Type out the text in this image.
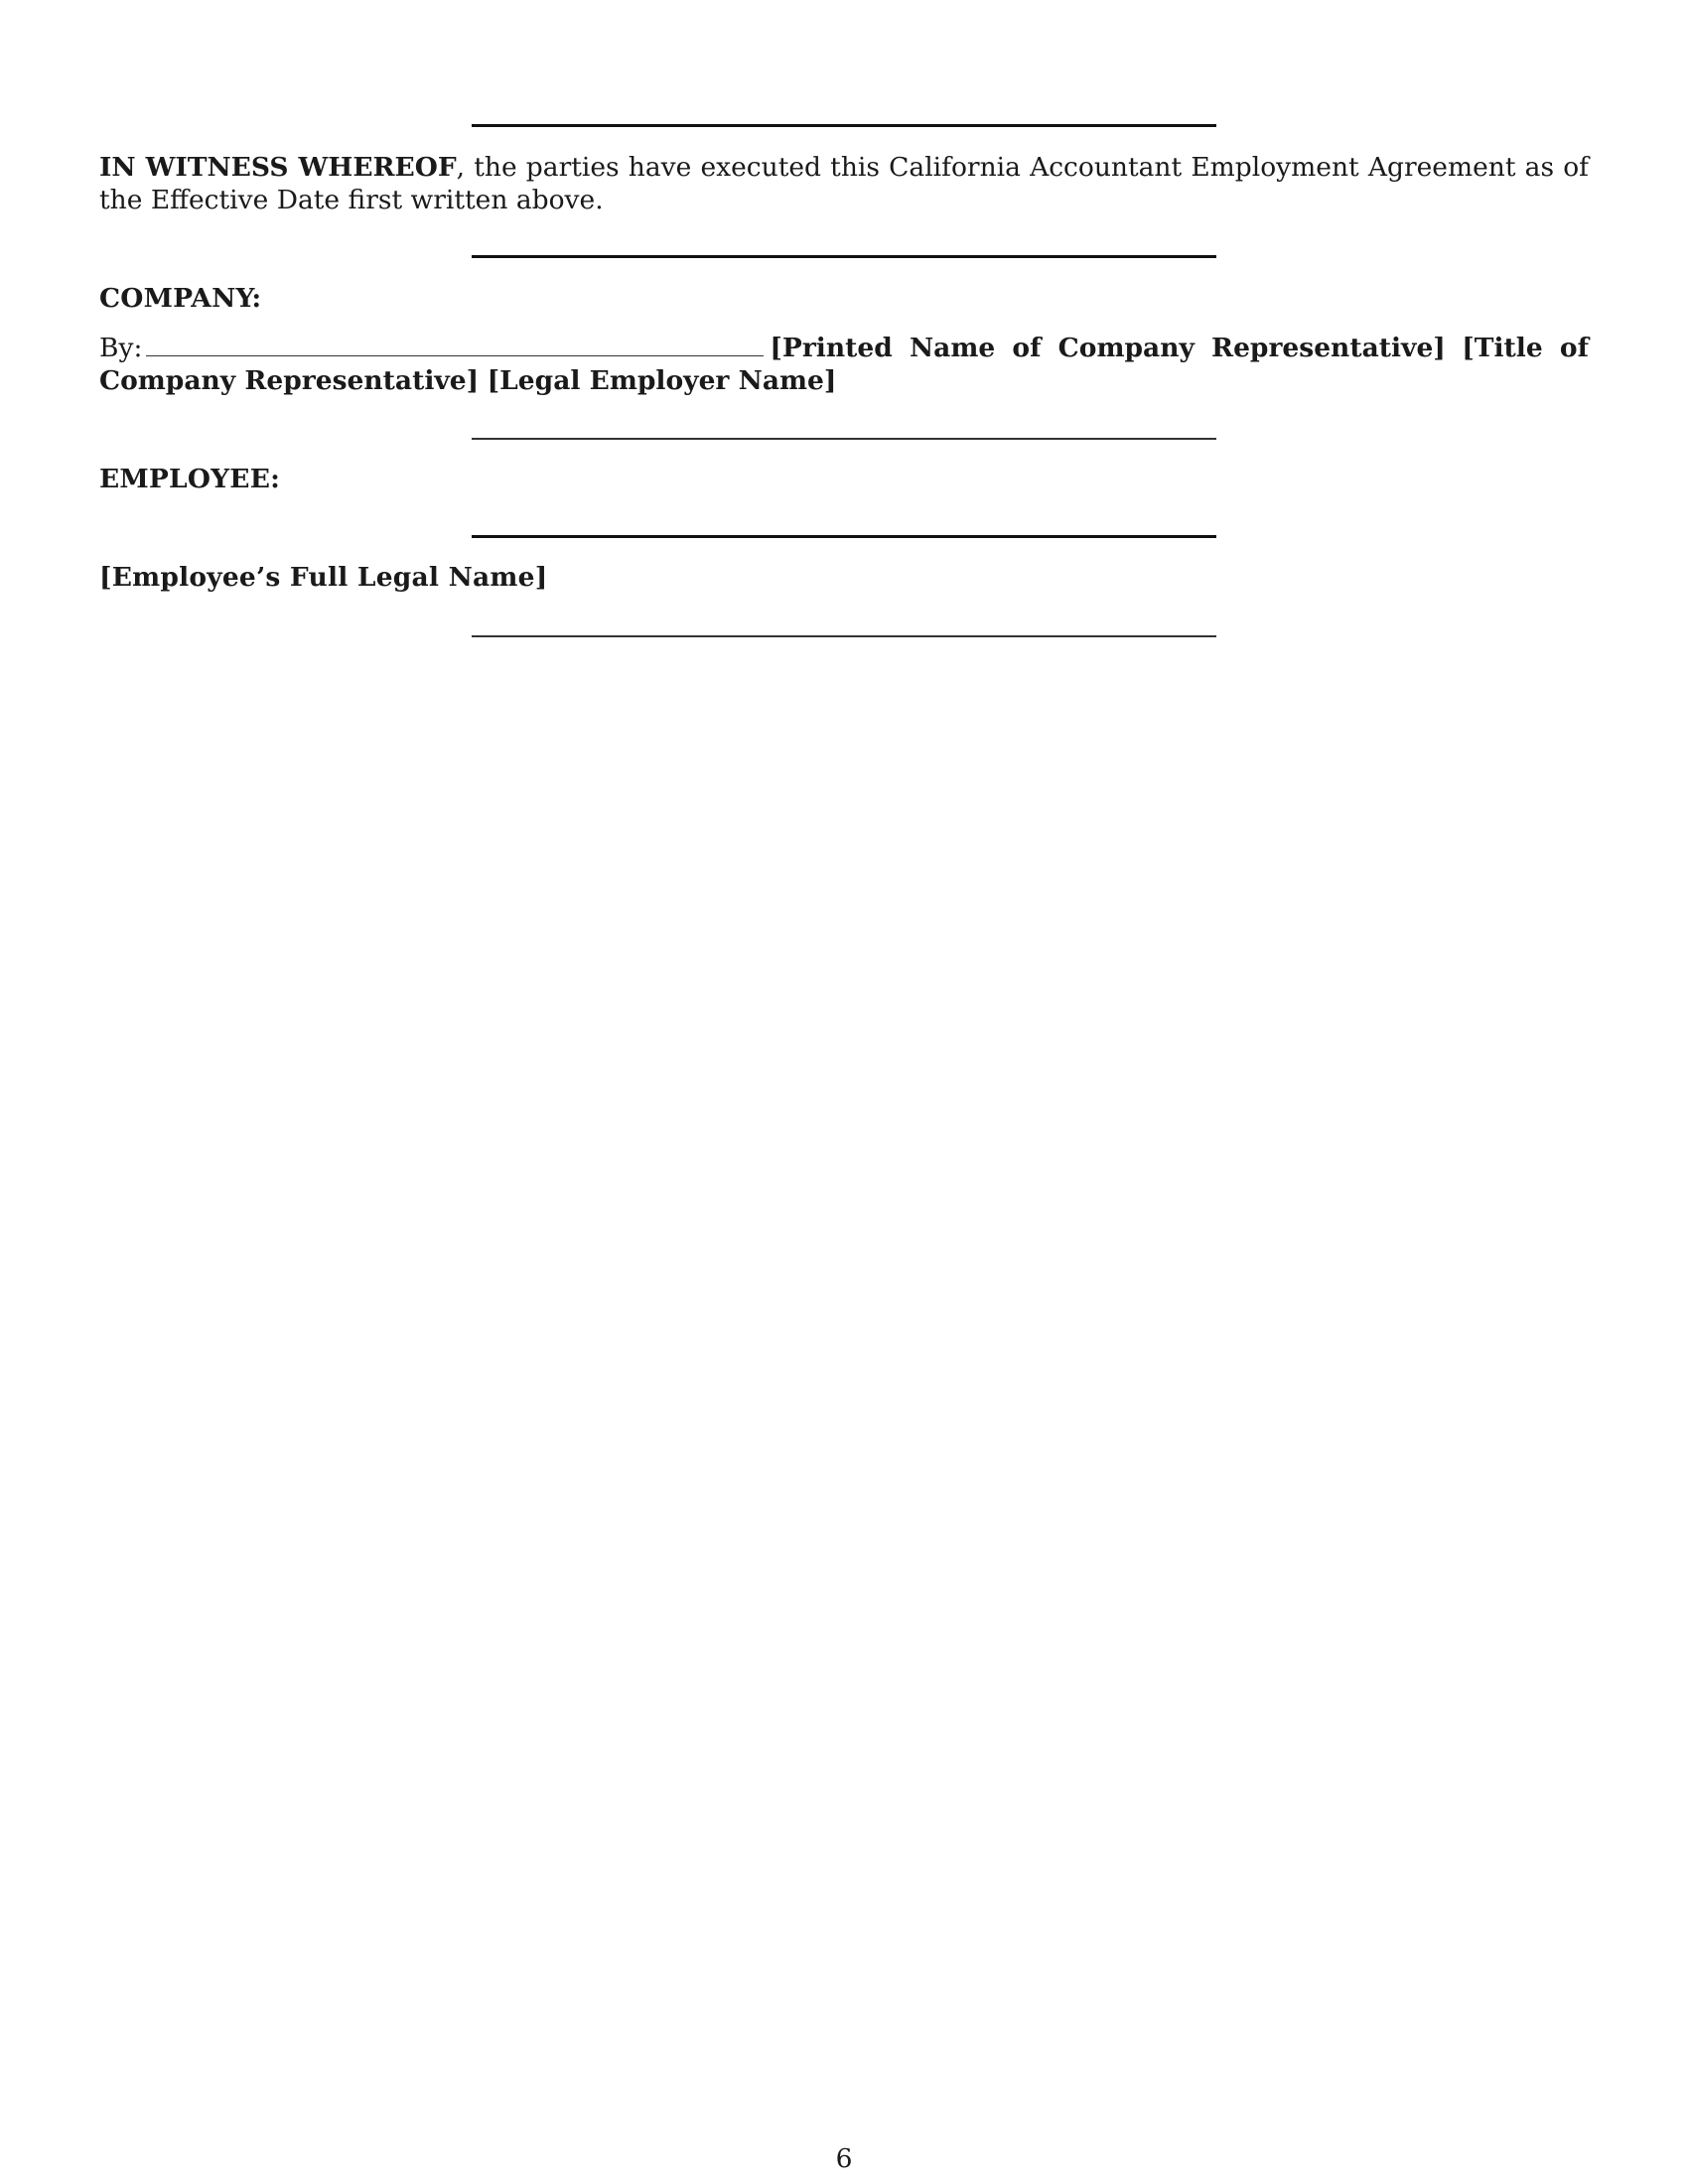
IN WITNESS WHEREOF, the parties have executed this California Accountant Employment Agreement as of the Effective Date first written above.
COMPANY:
By:	[Printed Name of Company Representative] [Title of Company Representative] [Legal Employer Name]
EMPLOYEE:
[Employee’s Full Legal Name]
6
